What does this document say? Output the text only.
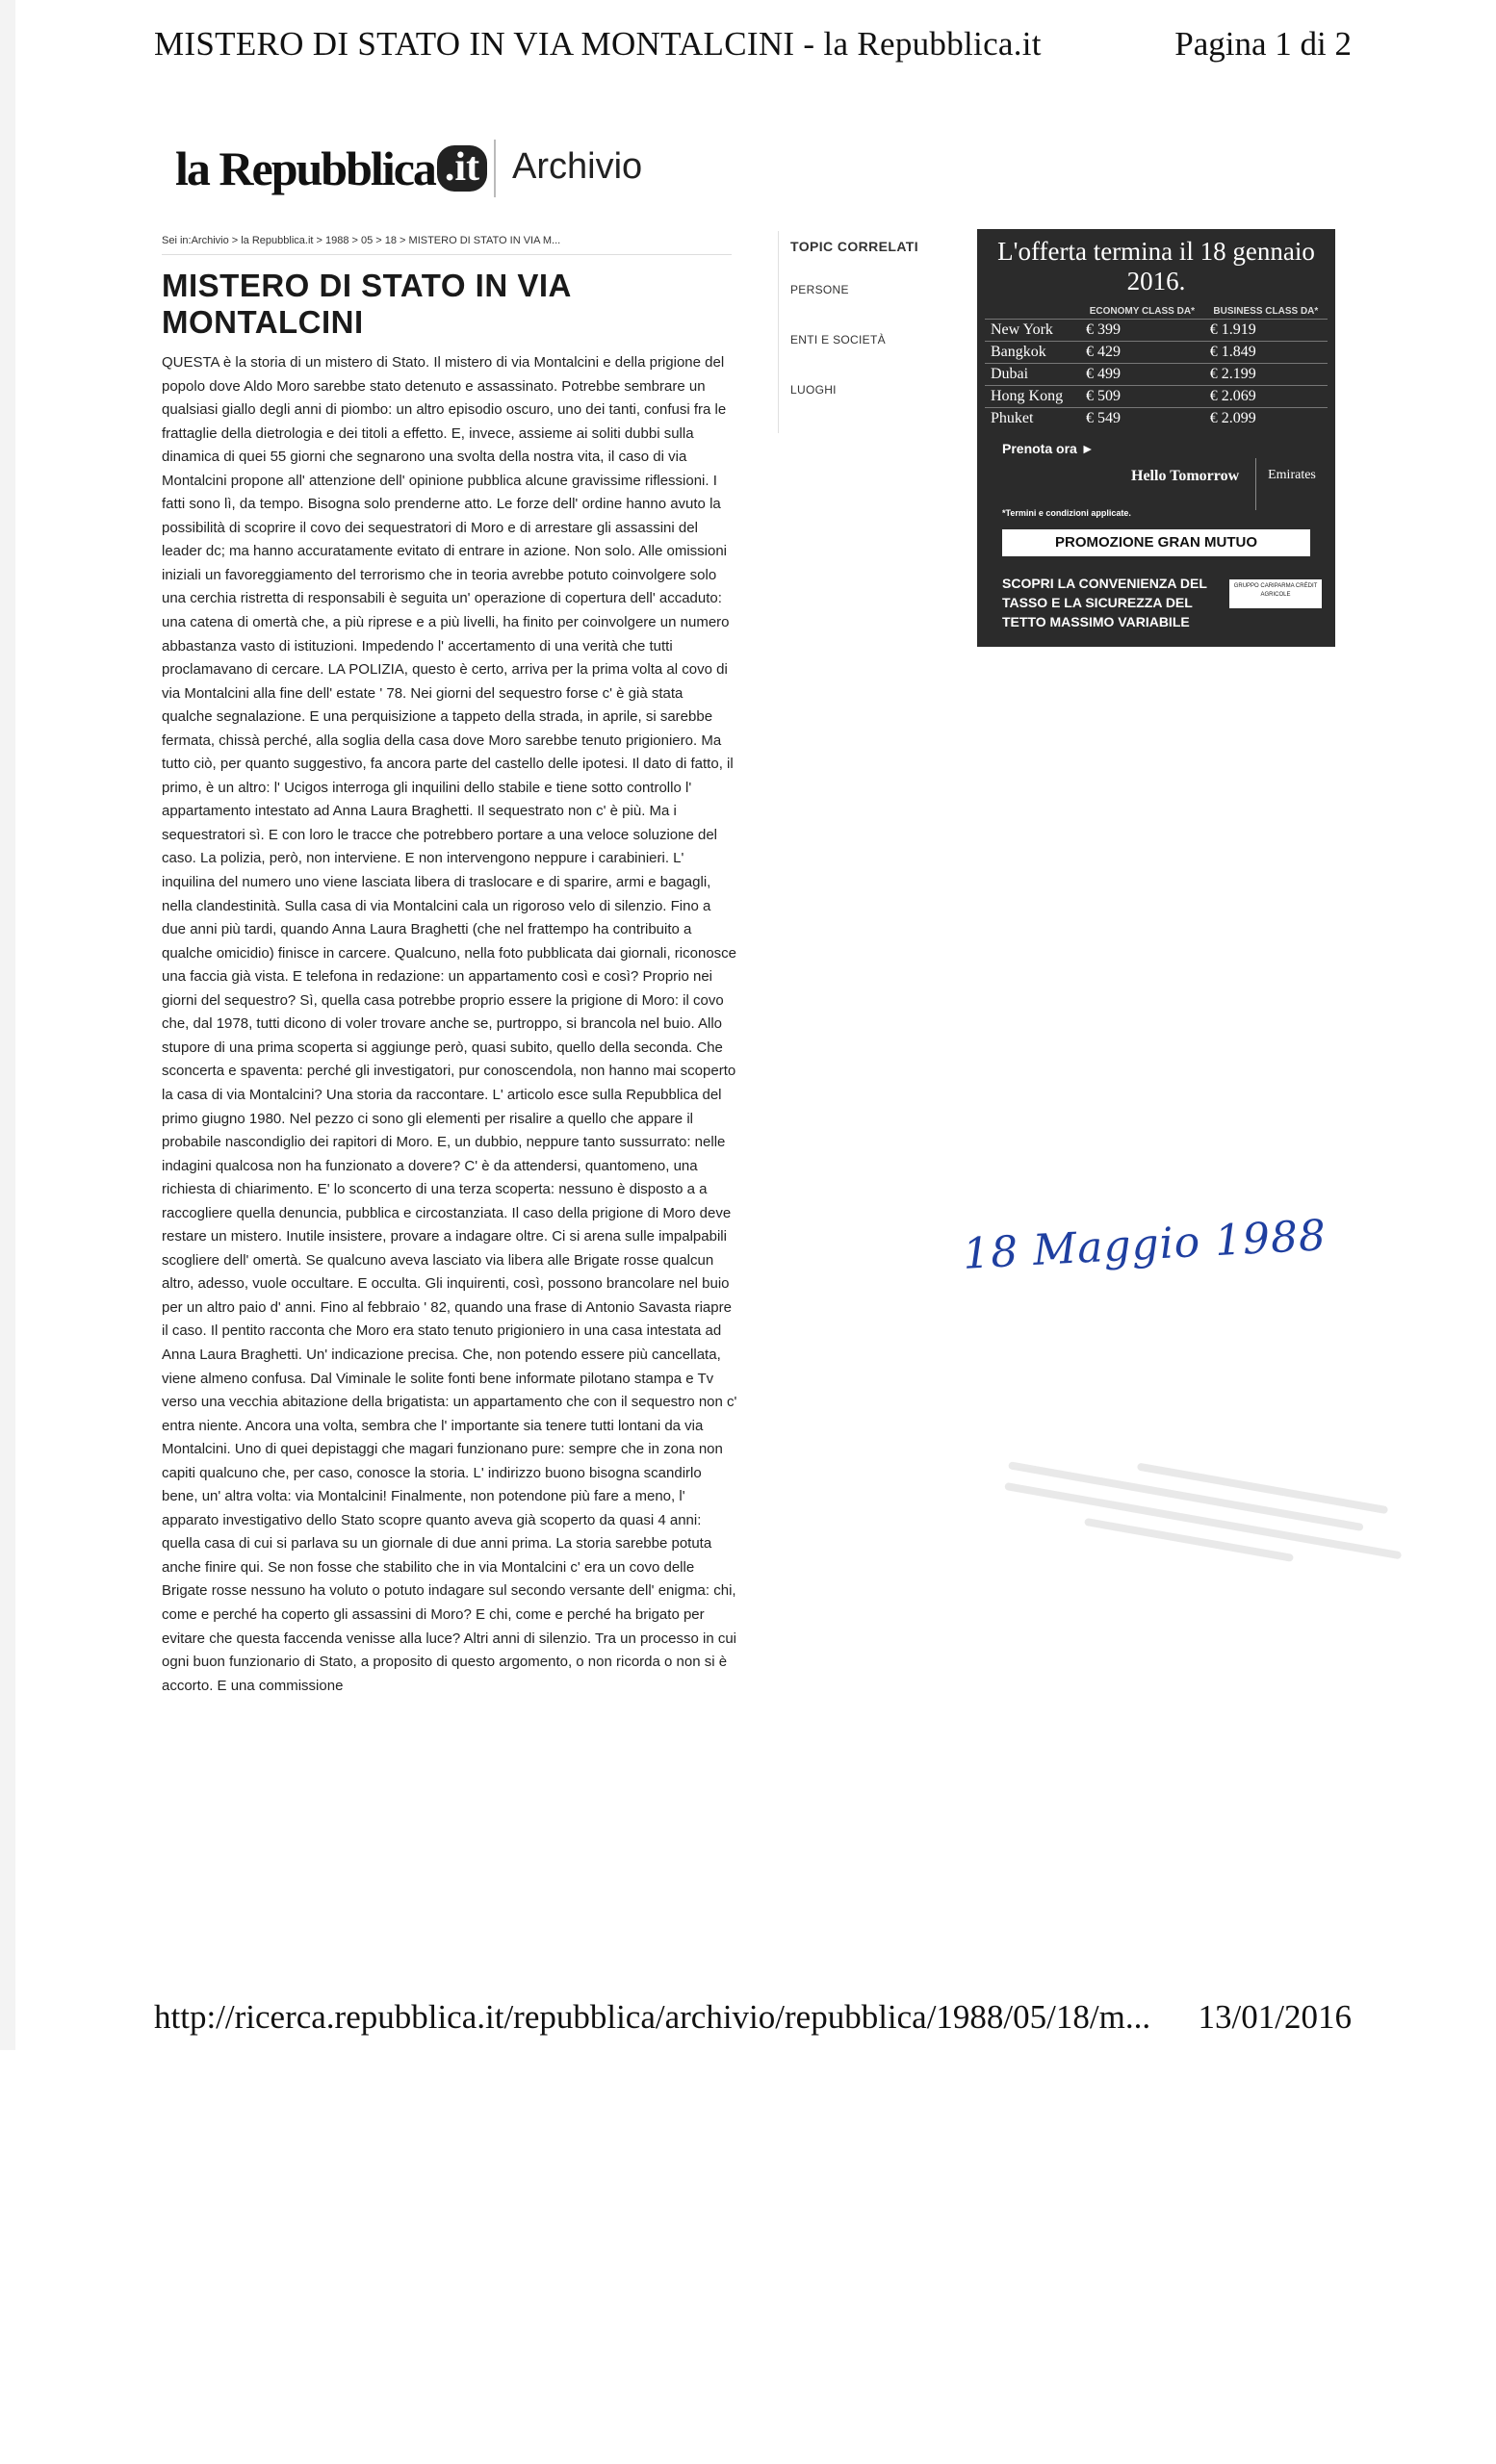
MISTERO DI STATO IN VIA MONTALCINI - la Repubblica.it	Pagina 1 di 2
la Repubblica .it Archivio
Sei in:Archivio > la Repubblica.it > 1988 > 05 > 18 > MISTERO DI STATO IN VIA M...
MISTERO DI STATO IN VIA MONTALCINI

QUESTA è la storia di un mistero di Stato. Il mistero di via Montalcini e della prigione del popolo dove Aldo Moro sarebbe stato detenuto e assassinato. Potrebbe sembrare un qualsiasi giallo degli anni di piombo: un altro episodio oscuro, uno dei tanti, confusi fra le frattaglie della dietrologia e dei titoli a effetto. E, invece, assieme ai soliti dubbi sulla dinamica di quei 55 giorni che segnarono una svolta della nostra vita, il caso di via Montalcini propone all' attenzione dell' opinione pubblica alcune gravissime riflessioni. I fatti sono lì, da tempo. Bisogna solo prenderne atto. Le forze dell' ordine hanno avuto la possibilità di scoprire il covo dei sequestratori di Moro e di arrestare gli assassini del leader dc; ma hanno accuratamente evitato di entrare in azione. Non solo. Alle omissioni iniziali un favoreggiamento del terrorismo che in teoria avrebbe potuto coinvolgere solo una cerchia ristretta di responsabili è seguita un' operazione di copertura dell' accaduto: una catena di omertà che, a più riprese e a più livelli, ha finito per coinvolgere un numero abbastanza vasto di istituzioni. Impedendo l' accertamento di una verità che tutti proclamavano di cercare. LA POLIZIA, questo è certo, arriva per la prima volta al covo di via Montalcini alla fine dell' estate ' 78. Nei giorni del sequestro forse c' è già stata qualche segnalazione. E una perquisizione a tappeto della strada, in aprile, si sarebbe fermata, chissà perché, alla soglia della casa dove Moro sarebbe tenuto prigioniero. Ma tutto ciò, per quanto suggestivo, fa ancora parte del castello delle ipotesi. Il dato di fatto, il primo, è un altro: l' Ucigos interroga gli inquilini dello stabile e tiene sotto controllo l' appartamento intestato ad Anna Laura Braghetti. Il sequestrato non c' è più. Ma i sequestratori sì. E con loro le tracce che potrebbero portare a una veloce soluzione del caso. La polizia, però, non interviene. E non intervengono neppure i carabinieri. L' inquilina del numero uno viene lasciata libera di traslocare e di sparire, armi e bagagli, nella clandestinità. Sulla casa di via Montalcini cala un rigoroso velo di silenzio. Fino a due anni più tardi, quando Anna Laura Braghetti (che nel frattempo ha contribuito a qualche omicidio) finisce in carcere. Qualcuno, nella foto pubblicata dai giornali, riconosce una faccia già vista. E telefona in redazione: un appartamento così e così? Proprio nei giorni del sequestro? Sì, quella casa potrebbe proprio essere la prigione di Moro: il covo che, dal 1978, tutti dicono di voler trovare anche se, purtroppo, si brancola nel buio. Allo stupore di una prima scoperta si aggiunge però, quasi subito, quello della seconda. Che sconcerta e spaventa: perché gli investigatori, pur conoscendola, non hanno mai scoperto la casa di via Montalcini? Una storia da raccontare. L' articolo esce sulla Repubblica del primo giugno 1980. Nel pezzo ci sono gli elementi per risalire a quello che appare il probabile nascondiglio dei rapitori di Moro. E, un dubbio, neppure tanto sussurrato: nelle indagini qualcosa non ha funzionato a dovere? C' è da attendersi, quantomeno, una richiesta di chiarimento. E' lo sconcerto di una terza scoperta: nessuno è disposto a a raccogliere quella denuncia, pubblica e circostanziata. Il caso della prigione di Moro deve restare un mistero. Inutile insistere, provare a indagare oltre. Ci si arena sulle impalpabili scogliere dell' omertà. Se qualcuno aveva lasciato via libera alle Brigate rosse qualcun altro, adesso, vuole occultare. E occulta. Gli inquirenti, così, possono brancolare nel buio per un altro paio d' anni. Fino al febbraio ' 82, quando una frase di Antonio Savasta riapre il caso. Il pentito racconta che Moro era stato tenuto prigioniero in una casa intestata ad Anna Laura Braghetti. Un' indicazione precisa. Che, non potendo essere più cancellata, viene almeno confusa. Dal Viminale le solite fonti bene informate pilotano stampa e Tv verso una vecchia abitazione della brigatista: un appartamento che con il sequestro non c' entra niente. Ancora una volta, sembra che l' importante sia tenere tutti lontani da via Montalcini. Uno di quei depistaggi che magari funzionano pure: sempre che in zona non capiti qualcuno che, per caso, conosce la storia. L' indirizzo buono bisogna scandirlo bene, un' altra volta: via Montalcini! Finalmente, non potendone più fare a meno, l' apparato investigativo dello Stato scopre quanto aveva già scoperto da quasi 4 anni: quella casa di cui si parlava su un giornale di due anni prima. La storia sarebbe potuta anche finire qui. Se non fosse che stabilito che in via Montalcini c' era un covo delle Brigate rosse nessuno ha voluto o potuto indagare sul secondo versante dell' enigma: chi, come e perché ha coperto gli assassini di Moro? E chi, come e perché ha brigato per evitare che questa faccenda venisse alla luce? Altri anni di silenzio. Tra un processo in cui ogni buon funzionario di Stato, a proposito di questo argomento, o non ricorda o non si è accorto. E una commissione

TOPIC CORRELATI
PERSONE
ENTI E SOCIETÀ
LUOGHI
L'offerta termina il 18 gennaio 2016.
	ECONOMY CLASS DA*	BUSINESS CLASS DA*
New York	€ 399	€ 1.919
Bangkok	€ 429	€ 1.849
Dubai	€ 499	€ 2.199
Hong Kong	€ 509	€ 2.069
Phuket	€ 549	€ 2.099
Prenota ora ►
Hello Tomorrow	Emirates
*Termini e condizioni applicate.
PROMOZIONE GRAN MUTUO
SCOPRI LA CONVENIENZA DEL TASSO E LA SICUREZZA DEL TETTO MASSIMO VARIABILE
GRUPPO CARIPARMA CRÉDIT AGRICOLE
18 Maggio 1988
http://ricerca.repubblica.it/repubblica/archivio/repubblica/1988/05/18/m... 13/01/2016
